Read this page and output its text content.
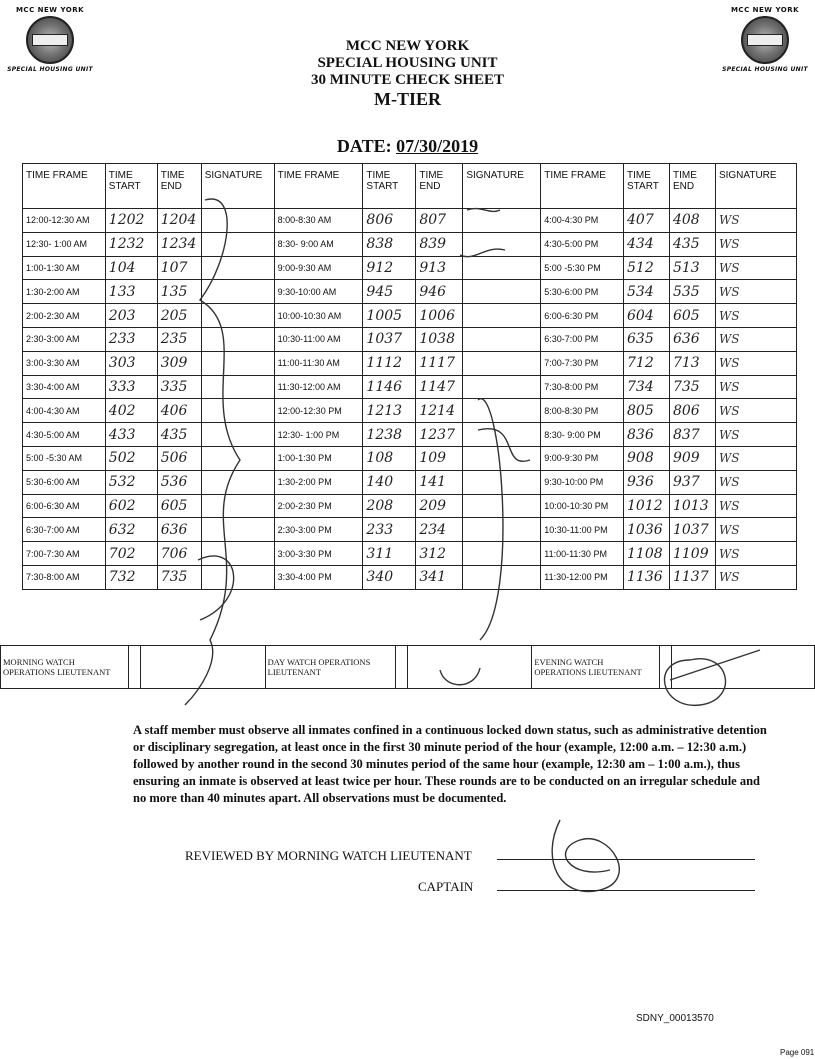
MCC NEW YORK
SPECIAL HOUSING UNIT
MCC NEW YORK
SPECIAL HOUSING UNIT
MCC NEW YORK
SPECIAL HOUSING UNIT
30 MINUTE CHECK SHEET
M-TIER
DATE: 07/30/2019
TIME FRAME	TIME START	TIME END	SIGNATURE	TIME FRAME	TIME START	TIME END	SIGNATURE	TIME FRAME	TIME START	TIME END	SIGNATURE
12:00-12:30 AM	1202	1204		8:00-8:30 AM	806	807		4:00-4:30 PM	407	408	WS
12:30- 1:00 AM	1232	1234		8:30- 9:00 AM	838	839		4:30-5:00 PM	434	435	WS
1:00-1:30 AM	104	107		9:00-9:30 AM	912	913		5:00 -5:30 PM	512	513	WS
1:30-2:00 AM	133	135		9:30-10:00 AM	945	946		5:30-6:00 PM	534	535	WS
2:00-2:30 AM	203	205		10:00-10:30 AM	1005	1006		6:00-6:30 PM	604	605	WS
2:30-3:00 AM	233	235		10:30-11:00 AM	1037	1038		6:30-7:00 PM	635	636	WS
3:00-3:30 AM	303	309		11:00-11:30 AM	1112	1117		7:00-7:30 PM	712	713	WS
3:30-4:00 AM	333	335		11:30-12:00 AM	1146	1147		7:30-8:00 PM	734	735	WS
4:00-4:30 AM	402	406		12:00-12:30 PM	1213	1214		8:00-8:30 PM	805	806	WS
4:30-5:00 AM	433	435		12:30- 1:00 PM	1238	1237		8:30- 9:00 PM	836	837	WS
5:00 -5:30 AM	502	506		1:00-1:30 PM	108	109		9:00-9:30 PM	908	909	WS
5:30-6:00 AM	532	536		1:30-2:00 PM	140	141		9:30-10:00 PM	936	937	WS
6:00-6:30 AM	602	605		2:00-2:30 PM	208	209		10:00-10:30 PM	1012	1013	WS
6:30-7:00 AM	632	636		2:30-3:00 PM	233	234		10:30-11:00 PM	1036	1037	WS
7:00-7:30 AM	702	706		3:00-3:30 PM	311	312		11:00-11:30 PM	1108	1109	WS
7:30-8:00 AM	732	735		3:30-4:00 PM	340	341		11:30-12:00 PM	1136	1137	WS
MORNING WATCH OPERATIONS LIEUTENANT			DAY WATCH OPERATIONS LIEUTENANT			EVENING WATCH OPERATIONS LIEUTENANT		
A staff member must observe all inmates confined in a continuous locked down status, such as administrative detention or disciplinary segregation, at least once in the first 30 minute period of the hour (example, 12:00 a.m. – 12:30 a.m.) followed by another round in the second 30 minutes period of the same hour (example, 12:30 am – 1:00 a.m.), thus ensuring an inmate is observed at least twice per hour. These rounds are to be conducted on an irregular schedule and no more than 40 minutes apart. All observations must be documented.
REVIEWED BY MORNING WATCH LIEUTENANT
CAPTAIN
SDNY_00013570
Page 091
